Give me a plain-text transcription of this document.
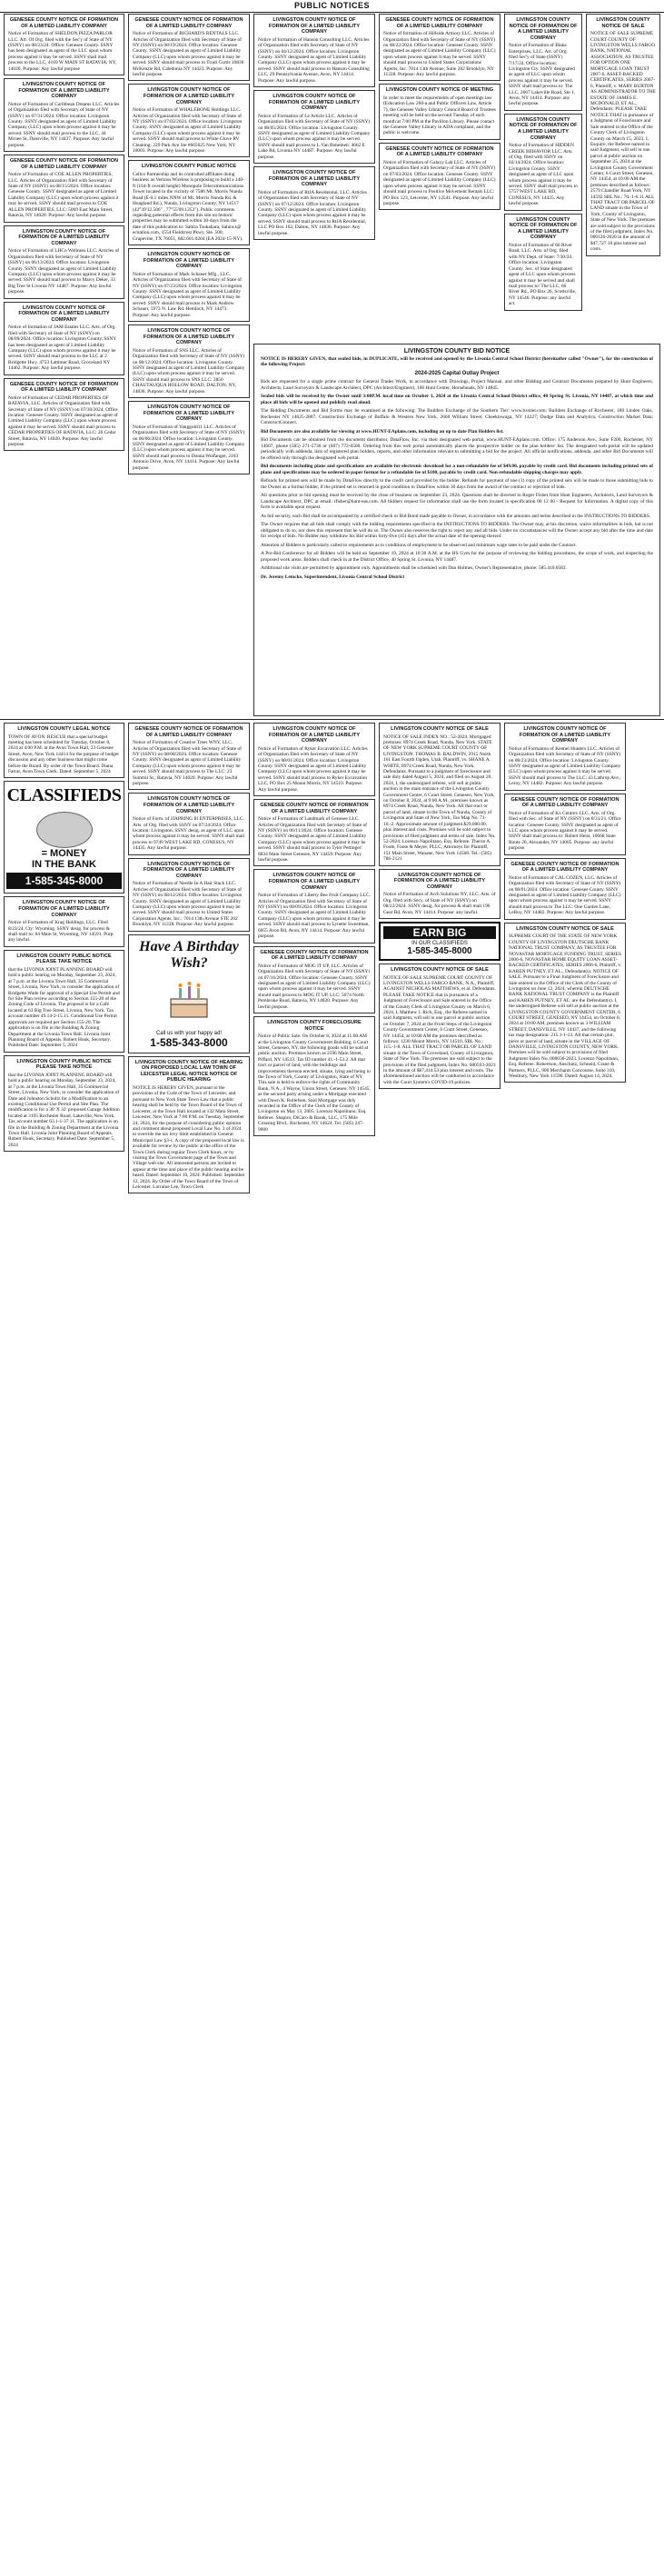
PUBLIC NOTICES
GENESEE COUNTY NOTICE OF FORMATION OF A LIMITED LIABILITY COMPANY

Notice of Formation of SHELDON PIZZA PARLOR LLC. Art. Of Org. filed with the Sec'y of State of NY (SSNY) on 08/23/24. Office: Genesee County. SSNY has been designated as agent of the LLC upon whom process against it may be served. SSNY shall mail process to the LLC, 4169 W MAIN ST BATAVIA, NY, 14020. Purpose: Any lawful purpose

LIVINGSTON COUNTY NOTICE OF FORMATION OF A LIMITED LIABILITY COMPANY

Notice of Formation of Caribbean Dreams LLC. Articles of Organization filed with Secretary of State of NY (SSNY) on 07/31/2024. Office location: Livingston County. SSNY designated as agent of Limited Liability Company (LLC) upon whom process against it may be served. SSNY should mail process to the LLC, 44 Mcnee St, Dansville, NY 14437. Purpose: Any lawful purpose.

GENESEE COUNTY NOTICE OF FORMATION OF A LIMITED LIABILITY COMPANY

Notice of Formation of COE ALLEN PROPERTIES, LLC. Articles of Organization filed with Secretary of State of NY (SSNY) on 08/15/2024. Office location: Genesee County. SSNY designated as agent of Limited Liability Company (LLC) upon whom process against it may be served. SSNY should mail process to COE ALLEN PROPERTIES, LLC: 5069 East Main Street, Batavia, NY 14020. Purpose: Any lawful purpose.

LIVINGSTON COUNTY NOTICE OF FORMATION OF A LIMITED LIABILITY COMPANY

Notice of Formation of LHCo Wellness LLC. Articles of Organization filed with Secretary of State of NY (SSNY) on 06/13/2024. Office location: Livingston County. SSNY designated as agent of Limited Liability Company (LLC) upon whom process against it may be served. SSNY should mail process to Marcy Deker, 33 Big Tree St Livonia NY 14487. Purpose: Any lawful purpose.

LIVINGSTON COUNTY NOTICE OF FORMATION OF A LIMITED LIABILITY COMPANY

Notice of formation of JAM Estates LLC. Arts. of Org. filed with Secretary of State of NY (SSNY) on 08/09/2024. Office location: Livingston County. SSNY has been designated as agent of Limited Liability Company (LLC) upon whom process against it may be served. SSNY should mail process to the LLC at 2 Bridgette Hwy. 4753 Lattimer Road, Groveland NY 14462. Purpose: Any lawful purpose.

GENESEE COUNTY NOTICE OF FORMATION OF A LIMITED LIABILITY COMPANY

Notice of Formation of CEDAR PROPERTIES OF BATAVIA, LLC. Articles of Organization filed with Secretary of State of NY (SSNY) on 07/30/2024. Office location: Genesee County. SSNY designated as agent of Limited Liability Company (LLC) upon whom process against it may be served. SSNY should mail process to CEDAR PROPERTIES OF BATAVIA, LLC: 26 Cedar Street, Batavia, NY 14020. Purpose: Any lawful purpose.

GENESEE COUNTY NOTICE OF FORMATION OF A LIMITED LIABILITY COMPANY

Notice of Formation of RICHARD'S RENTALS LLC. Articles of Organization filed with Secretary of State of NY (SSNY) on 08/19/2024. Office location: Genesee County. SSNY designated as agent of Limited Liability Company (LLC) upon whom process against it may be served. SSNY should mail process to Trudi Curtis 10836 McKenzie Rd, Caledonia NY 14423. Purpose: Any lawful purpose.

LIVINGSTON COUNTY NOTICE OF FORMATION OF A LIMITED LIABILITY COMPANY

Notice of Formation of WHALEBONE Holdings LLC. Articles of Organization filed with Secretary of State of NY (SSNY) on 07/02/2024. Office location: Livingston County. SSNY designated as agent of Limited Liability Company (LLC) upon whom process against it may be served. SSNY should mail process to White Glove RV Cleaning: 229 Park Ave Ste #665625 New York, NY 10003. Purpose: Any lawful purpose.

LIVINGSTON COUNTY PUBLIC NOTICE

Cellco Partnership and its controlled affiliates doing business as Verizon Wireless is proposing to build a 140-ft (164-ft overall height) Monopole Telecommunications Tower located in the vicinity of 7586 Mt. Morris Nunda Road (E-0.1 miles NNW of Mt. Morris Nunda Rd. & Hoagland Rd.), Nunda, Livingston County, NY 14517 (42°39'12.506" , 77°55'09.1252"). Public comments regarding potential effects from this site on historic properties may be submitted within 30-days from the date of this publication to: Sahira Tsukahara, Sahira.t@ ecnation.com, 1554 Fieldcrest Pkwy, Ste. 500, Grapevine, TX 76051, 682.601.0204 (EA 2024-15-NY).

LIVINGSTON COUNTY NOTICE OF FORMATION OF A LIMITED LIABILITY COMPANY

Notice of Formation of Mark Schauer Mfg., LLC. Articles of Organization filed with Secretary of State of NY (SSNY) on 07/23/2024. Office location: Livingston County. SSNY designated as agent of Limited Liability Company (LLC) upon whom process against it may be served. SSNY should mail process to Mark Andrew Schauer, 5973 N. Law Rd. Hemlock, NY 14473. Purpose: Any lawful purpose.

LIVINGSTON COUNTY NOTICE OF FORMATION OF A LIMITED LIABILITY COMPANY

Notice of Formation of SNS LLC. Articles of Organization filed with Secretary of State of NY (SSNY) on 08/12/2024. Office location: Livingston County. SSNY designated as agent of Limited Liability Company (LLC) upon whom process against it may be served. SSNY should mail process to SNS LLC: 2850 CHAUTAUQUA HOLLOW ROAD, DALTON, NY, 14836. Purpose: Any lawful purpose.

LIVINGSTON COUNTY NOTICE OF FORMATION OF A LIMITED LIABILITY COMPANY

Notice of Formation of Yanggold11 LLC. Articles of Organization filed with Secretary of State of NY (SSNY) on 06/06/2024. Office location: Livingston County. SSNY designated as agent of Limited Liability Company (LLC) upon whom process against it may be served. SSNY should mail process to Donna Wolfanger, 2103 Antonio Drive, Avon, NY 14414. Purpose: Any lawful purpose.

LIVINGSTON COUNTY NOTICE OF FORMATION OF A LIMITED LIABILITY COMPANY

Notice of formation of Hanson Consulting LLC. Articles of Organization filed with Secretary of State of NY (SSNY) on 04/12/2024. Office location: Livingston County. SSNY designated as agent of Limited Liability Company (LLC) upon whom process against it may be served. SSNY should mail process to Hanson Consulting LLC, 29 Pennsylvania Avenue, Avon, NY 14414. Purpose: Any lawful purpose.

LIVINGSTON COUNTY NOTICE OF FORMATION OF A LIMITED LIABILITY COMPANY

Notice of Formation of Le Article LLC. Articles of Organization filed with Secretary of State of NY (SSNY) on 08/05/2024. Office location: Livingston County. SSNY designated as agent of Limited Liability Company (LLC) upon whom process against it may be served. SSNY should mail process to L.Van Bohemen: 4662 E Lake Rd, Livonia NY 14487. Purpose: Any lawful purpose.

LIVINGSTON COUNTY NOTICE OF FORMATION OF A LIMITED LIABILITY COMPANY

Notice of Formation of RtJA Residential, LLC. Articles of Organization filed with Secretary of State of NY (SSNY) on 07/12/2024. Office location: Livingston County. SSNY designated as agent of Limited Liability Company (LLC) upon whom process against it may be served. SSNY should mail process to RtJA Residential, LLC PO Box 162, Dalton, NY 14836. Purpose: Any lawful purpose.

GENESEE COUNTY NOTICE OF FORMATION OF A LIMITED LIABILITY COMPANY

Notice of formation of Hillside Armory LLC. Articles of Organization filed with Secretary of State of NY (SSNY) on 08/22/2024. Office location: Genesee County. SSNY designated as agent of Limited Liability Company (LLC) upon whom process against it may be served. SSNY should mail process to United States Corporations Agents, Inc. 7014 13th Avenue, Suite 202 Brooklyn, NY 11228. Purpose: Any lawful purpose.

LIVINGSTON COUNTY NOTICE OF MEETING

In order to meet the requirements of open meetings law (Education Law 260-a and Public Officers Law, Article 7), the Genesee Valley Library Council Board of Trustees meeting will be held on the second Tuesday of each month at 7:00 PM at the Pavilion Library. Please contact the Genesee Valley Library in ADA compliant, and the public is welcome.

GENESEE COUNTY NOTICE OF FORMATION OF A LIMITED LIABILITY COMPANY

Notice of Formation of Galaxy Lab LLC. Articles of Organization filed with Secretary of State of NY (SSNY) on 07/03/2024. Office location: Genesee County. SSNY designated as agent of Limited Liability Company (LLC) upon whom process against it may be served. SSNY should mail process to Positive Movement Rentals LLC: PO Box 123, Leicester, NY 12541. Purpose: Any lawful purpose.

LIVINGSTON COUNTY NOTICE OF FORMATION OF A LIMITED LIABILITY COMPANY

Notice of Formation of Blake Enterprises, LLC. Art. of Org. filed Sec'y of State (SSNY) 7/17/24. Office location: Livingston Cty. SSNY designated as agent of LLC upon whom process against it may be served. SSNY shall mail process to: The LLC, 2667 Lakeville Road, Ste 1, Avon, NY 14414. Purpose: any lawful purpose.

LIVINGSTON COUNTY NOTICE OF FORMATION OF A LIMITED LIABILITY COMPANY

Notice of Formation of HIDDEN CREEK BEHAVIOR LLC. Arts. of Org. filed with SSNY on 02/14/2024. Office location: Livingston County. SSNY designated as agent of LLC upon whom process against it may be served. SSNY shall mail process to 5757 WEST LAKE RD, CONESUS, NY 14435. Any lawful purpose.

LIVINGSTON COUNTY NOTICE OF FORMATION OF A LIMITED LIABILITY COMPANY

Notice of Formation of 66 River Road, LLC. Arts. of Org. filed with NY Dept. of State: 7/30/24. Office location: Livingston County. Sec. of State designated agent of LLC upon whom process against it may be served and shall mail process to: The LLC, 66 River Rd., PO Box 26, Scottsville, NY 14546. Purpose: any lawful act.

LIVINGSTON COUNTY NOTICE OF SALE

NOTICE OF SALE SUPREME COURT COUNTY OF LIVINGSTON WELLS FARGO BANK, NATIONAL ASSOCIATION, AS TRUSTEE FOR OPTION ONE MORTGAGE LOAN TRUST 2007-6, ASSET-BACKED CERTIFICATES, SERIES 2007-6, Plaintiff, v. MARY BURTON AS ADMINISTRATOR TO THE ESTATE OF JAMES E. MCDONALD, ET AL., Defendants. PLEASE TAKE NOTICE THAT in pursuance of a Judgment of Foreclosure and Sale entered in the Office of the County Clerk of Livingston County on March 15, 2023, I, Esquire, the Referee named in said Judgment, will sell in one parcel at public auction on September 25, 2024 at the Livingston County Government Center, 6 Court Street, Geneseo, NY 14454, at 10:00 AM the premises described as follows: 2579 Chandler Road York, NY 14592 SBL No.: 70.-1-6.11 ALL THAT TRACT OR PARCEL OF LAND situate in the Town of York, County of Livingston, State of New York. The premises are sold subject to the provisions of the filed judgment, Index No. 000126-2020 in the amount of $47,727.10 plus interest and costs.

LIVINGSTON COUNTY BID NOTICE

NOTICE IS HEREBY GIVEN, that sealed bids, in DUPLICATE, will be received and opened by the Livonia Central School District (hereinafter called "Owner"), for the construction of the following Project:

2024-2025 Capital Outlay Project

Bids are requested for a single prime contract for General Trades Work, in accordance with Drawings, Project Manual, and other Bidding and Contract Documents prepared by Hunt Engineers, Architects, Land Surveyors & Landscape Architect, DPC (Architect/Engineer), 100 Hunt Center, Horseheads, NY 14845.

Sealed bids will be received by the Owner until 3:00P.M. local time on October 1, 2024 at the Livonia Central School District office, 40 Spring St. Livonia, NY 14487, at which time and place all bids will be opened and publicly read aloud.

The Bidding Documents and Bid Forms may be examined at the following: The Builders Exchange of the Southern Tier: www.bxstier.com; Builders Exchange of Rochester, 180 Linden Oaks, Rochester NY 14625-2807; Construction Exchange of Buffalo & Western New York, 2660 William Street, Cheektowaga, NY 14227; Dodge Data and Analytics; Construction Market Data; ConstructConnect.

Bid Documents are also available for viewing at www.HUNT-EAplans.com, including an up to date Plan Holders list.

Bid Documents can be obtained from the document distributor, DataFlow, Inc. via their designated web portal, www.HUNT-EAplans.com. Office: 175 Anderson Ave., Suite F200, Rochester, NY 14607, phone (585) 271-5730 or (607) 772-0500. Ordering from this web portal automatically places the prospective bidder on the plan holders' list. The designated web portal will be updated periodically with addenda, lists of registered plan holders, reports, and other information relevant to submitting a bid for the project. All official notifications, addenda, and other Bid Documents will be offered only through the designated web portal.

Bid documents including plans and specifications are available for electronic download for a non-refundable fee of $49.00, payable by credit card. Bid documents including printed sets of plans and specifications may be ordered in paper format for a refundable fee of $100, payable by credit card. Non-refundable shipping charges may apply.

Refunds for printed sets will be made by DataFlow directly to the credit card provided by the bidder. Refunds for payment of one (1) copy of the printed sets will be made to those submitting bids to the Owner as a formal bidder, if the printed set is returned in good condition to DataFlow within 30 days from the award of the contract or rejection of bids.

All questions prior to bid opening must be received by the close of business on September 23, 2024. Questions shall be directed to Roger Fisher from Hunt Engineers, Architects, Land Surveyors & Landscape Architect, DPC at email: rfisher@hunt-eas.com. All bidders request for information shall use the form located in specification 00 12 00 - Request for Information. A digital copy of this form is available upon request.

As bid security, each Bid shall be accompanied by a certified check or Bid Bond made payable to Owner, in accordance with the amounts and terms described in the INSTRUCTIONS TO BIDDERS.

The Owner requires that all bids shall comply with the bidding requirements specified in the INSTRUCTIONS TO BIDDERS. The Owner may, at his discretion, waive informalities in bids, but is not obligated to do so, nor does this represent that he will do so. The Owner also reserves the right to reject any and all bids. Under no circumstances will the Owner accept any bid after the time and date for receipt of bids. No Bidder may withdraw his Bid within forty-five (45) days after the actual date of the opening thereof.

Attention of Bidders is particularly called to requirements as to conditions of employment to be observed and minimum wage rates to be paid under the Contract.

A Pre-Bid Conference for all Bidders will be held on September 19, 2024 at 10:30 A.M. at the HS Gym for the purpose of reviewing the bidding procedures, the scope of work, and inspecting the proposed work areas. Bidders shall check in at the District Office, 40 Spring St. Livonia, NY 14487.

Additional site visits are permitted by appointment only. Appointments shall be scheduled with Dan Holmes, Owner's Representative, phone: 585.410.0582.

Dr. Jeremy Lemcke, Superintendent, Livonia Central School District

LIVINGSTON COUNTY LEGAL NOTICE

TOWN OF AVON. RESCUE that a special budget meeting has been scheduled for Tuesday, October 8, 2024 at 4:00 P.M. at the Avon Town Hall, 23 Genesee Street, Avon, New York 14414 for the purpose of budget discussion and any other business that might come before the Board. By order of the Town Board. Diana Farrar, Avon Town Clerk. Dated: September 5, 2024

CLASSIFIEDS
= MONEY
IN THE BANK
1-585-345-8000
LIVINGSTON COUNTY NOTICE OF FORMATION OF A LIMITED LIABILITY COMPANY

Notice of Formation of Krag Holdings, LLC. Filed 8/23/24. Cty: Wyoming. SSNY desig. for process & shall mail to: 84 Main St, Wyoming, NY 14591. Purp: any lawful.

LIVINGSTON COUNTY PUBLIC NOTICE PLEASE TAKE NOTICE

that the LIVONIA JOINT PLANNING BOARD will hold a public hearing on Monday, September 23, 2024, at 7 p.m. at the Livonia Town Hall, 35 Commercial Street, Livonia, New York, to consider the application of Bridgette Wade for approval of a Special Use Permit and for Site Plan review according to Section 155-20 of the Zoning Code of Livonia. The proposal is for a Café located at 63 Big Tree Street, Livonia, New York. Tax account number 49.14-2-15.11. Conditional Use Permit approvals are required per Section 155-20. The application is on file in the Building & Zoning Department at the Livonia Town Hall. Livonia Joint Planning Board of Appeals. Robert Houk, Secretary. Published Date: September 5, 2024

LIVINGSTON COUNTY PUBLIC NOTICE PLEASE TAKE NOTICE

that the LIVONIA JOINT PLANNING BOARD will hold a public hearing on Monday, September 23, 2024, at 7 p.m. at the Livonia Town Hall, 35 Commercial Street, Livonia, New York, to consider the application of Dale and Johnston Schultz for a Modification to an existing Conditional Use Permit and Site Plan. The modification is for a 30' X 32' proposed Garage Addition located at 3195 Rochester Road, Lakeville, New York. Tax account number 63.1-1-37.11. The application is on file in the Building & Zoning Department at the Livonia Town Hall. Livonia Joint Planning Board of Appeals. Robert Houk, Secretary. Published Date: September 5, 2024

GENESEE COUNTY NOTICE OF FORMATION OF A LIMITED LIABILITY COMPANY

Notice of Formation of Creative Trees WNY, LLC. Articles of Organization filed with Secretary of State of NY (SSNY) on 08/08/2024. Office location: Genesee County. SSNY designated as agent of Limited Liability Company (LLC) upon whom process against it may be served. SSNY should mail process to The LLC: 23 Summit St., Batavia, NY 14020. Purpose: Any lawful purpose.

LIVINGSTON COUNTY NOTICE OF FORMATION OF A LIMITED LIABILITY COMPANY

Notice of Form. of JJAPRING Ill ENTERPRISES, LLC. Arts. of Org. filed with SSNY on 07/24/2024. Office location: Livingston. SSNY desig. as agent of LLC upon whom process against it may be served. SSNY shall mail process to 9749 WEST LAKE RD, CONESUS, NY 14435. Any lawful purpose.

LIVINGSTON COUNTY NOTICE OF FORMATION OF A LIMITED LIABILITY COMPANY

Notice of Formation of Needle In A Hair Stack LLC. Articles of Organization filed with Secretary of State of NY (SSNY) on 08/12/2024. Office location: Livingston County. SSNY designated as agent of Limited Liability Company (LLC) upon whom process against it may be served. SSNY should mail process to United States Corporation Agents, Inc.: 7014 13th Avenue STE 202 Brooklyn, NY 11228. Purpose: Any lawful purpose.

Have A Birthday Wish?
Call us with your happy ad!
1-585-343-8000
LIVINGSTON COUNTY NOTICE OF HEARING ON PROPOSED LOCAL LAW TOWN OF LEICESTER LEGAL NOTICE NOTICE OF PUBLIC HEARING

NOTICE IS HEREBY GIVEN, pursuant to the provisions of the Code of the Town of Leicester, and pursuant to New York State Town Law that a public hearing shall be held by the Town Board of the Town of Leicester, at the Town Hall located at 132 Main Street, Leicester, New York at 7:00 P.M. on Tuesday, September 24, 2024, for the purpose of considering public opinion and comment about proposed Local Law No. 3 of 2024 to override the tax levy limit established in General Municipal Law §3-c. A copy of the proposed local law is available for review by the public at the office of the Town Clerk during regular Town Clerk hours, or by visiting the Town Government page of the Town and Village web site. All interested persons are invited to appear at the time and place of the public hearing and be heard. Dated: September 10, 2024. Published: September 12, 2024. By Order of the Town Board of the Town of Leicester. Lorraine Lee, Town Clerk

LIVINGSTON COUNTY NOTICE OF FORMATION OF A LIMITED LIABILITY COMPANY

Notice of Formation of Ryker Excavation LLC. Articles of Organization filed with Secretary of State of NY (SSNY) on 08/01/2024. Office location: Livingston County. SSNY designated as agent of Limited Liability Company (LLC) upon whom process against it may be served. SSNY should mail process to Ryker Excavation LLC, PO Box 25 Mount Morris, NY 14510. Purpose: Any lawful purpose.

GENESEE COUNTY NOTICE OF FORMATION OF A LIMITED LIABILITY COMPANY

Notice of Formation of Landmark of Genesee LLC. Articles of Organization filed with Secretary of State of NY (SSNY) on 06/11/2024. Office location: Genesee County. SSNY designated as agent of Limited Liability Company (LLC) upon whom process against it may be served. SSNY should mail process to Tyler Pettinger: 8834 Main Street Genesee, NY 14459. Purpose: Any lawful purpose.

LIVINGSTON COUNTY NOTICE OF FORMATION OF A LIMITED LIABILITY COMPANY

Notice of Formation of Liberty Bee Fruit Company LLC. Articles of Organization filed with Secretary of State of NY (SSNY) on 08/09/2024. Office location: Livingston County. SSNY designated as agent of Limited Liability Company (LLC) upon whom process against it may be served. SSNY should mail process to Lynette Sweetman, 6055 Avon Rd, Avon, NY 14414. Purpose: Any lawful purpose.

GENESEE COUNTY NOTICE OF FORMATION OF A LIMITED LIABILITY COMPANY

Notice of Formation of MOG IT UP, LLC. Articles of Organization filed with Secretary of State of NY (SSNY) on 07/16/2024. Office location: Genesee County. SSNY designated as agent of Limited Liability Company (LLC) upon whom process against it may be served. SSNY should mail process to MOG IT UP, LLC: 5074 North Pembroke Road, Batavia, NY 14020. Purpose: Any lawful purpose.

LIVINGSTON COUNTY FORECLOSURE NOTICE

Notice of Public Sale. On October 8, 2024 at 11:00 AM at the Livingston County Government Building, 6 Court Street, Geneseo, NY, the following goods will be sold at public auction. Premises known as 2596 Main Street, Piffard, NY 14533. Tax ID number 41.-1-53.2. All that tract or parcel of land, with the buildings and improvements thereon erected, situate, lying and being in the Town of York, County of Livingston, State of NY. This sale is held to enforce the rights of Community Bank, N.A., 4 Wayne, Union Street, Geneseo, NY 14545, as the secured party arising under a Mortgage executed with Dawn K. Rollefsen. Said Mortgage was duly recorded in the Office of the Clerk of the County of Livingston on May 13, 2005. Lorenzo Napolitano, Esq. Referee. Shapiro, DiCaro & Barak, LLC, 175 Mile Crossing Blvd., Rochester, NY 14624. Tel. (585) 247-9000

LIVINGSTON COUNTY NOTICE OF SALE

NOTICE OF SALE INDEX NO.: 52-2024. Mortgaged premises: 8974 Creek Road, Nunda, New York. STATE OF NEW YORK SUPREME COURT COUNTY OF LIVINGSTON. THOMAS B. BALDWIN, 2915 North 161 East Fourth Ogden, Utah, Plaintiff, vs. SHANE A. WHITE, 8974 Creek Road, Nunda, New York, Defendants. Pursuant to a judgment of foreclosure and sale duly dated August 5, 2024, and filed on August 20, 2024, I, the undersigned referee, will sell at public auction in the main entrance of the Livingston County Government Center, 6 Court Street, Geneseo, New York, on October 8, 2024, at 9:00 A.M., premises known as 8974 Creek Road, Nunda, New York. All that tract or parcel of land, situate in the Town of Nunda, County of Livingston and State of New York, Tax Map No. 71-10.-2. Approximate amount of judgment $29,000.00, plus interest and costs. Premises will be sold subject to provisions of filed judgment and terms of sale. Index No. 52-2024. Lorenzo Napolitano, Esq. Referee. Theron A. Foote, Foote & Meyer, PLLC, Attorneys for Plaintiff, 151 Main Street, Wanane, New York 14568. Tel.: (585) 786-2121

LIVINGSTON COUNTY NOTICE OF FORMATION OF A LIMITED LIABILITY COMPANY

Notice of Formation of Arch Solutions NY, LLC. Arts. of Org. filed with Secy. of State of NY (SSNY) on 08/22/2024. SSNY desig. for process & shall mail 196 Gear Rd, Avon, NY 14414. Purpose: any lawful.

EARN BIG
IN OUR CLASSIFIEDS
1-585-345-8000
LIVINGSTON COUNTY NOTICE OF SALE

NOTICE OF SALE SUPREME COURT COUNTY OF LIVINGSTON WELLS FARGO BANK, N.A., Plaintiff, AGAINST NICHOLAS MATTHEWS, et al. Defendants. PLEASE TAKE NOTICE that in pursuance of a Judgment of Foreclosure and Sale entered in the Office of the County Clerk of Livingston County on March 6, 2024, I, Matthew J. Rich, Esq., the Referee named in said Judgment, will sell in one parcel at public auction on October 7, 2024 at the Front Steps of the Livingston County Government Center, 6 Court Street, Geneseo, NY 14454, at 10:00 AM the premises described as follows: 1230 Mount Morris, NY 14510. SBL No.: 115.-1-8. ALL THAT TRACT OR PARCEL OF LAND situate in the Town of Groveland, County of Livingston, State of New York. The premises are sold subject to the provisions of the filed judgment, Index No. 000593-2023 in the amount of $87,414.53 plus interest and costs. The aforementioned auction will be conducted in accordance with the Court System's COVID-19 policies.

LIVINGSTON COUNTY NOTICE OF FORMATION OF A LIMITED LIABILITY COMPANY

Notice of Formation of Kennel Hunters LLC. Articles of Organization filed with Secretary of State of NY (SSNY) on 08/23/2024. Office location: Livingston County. SSNY designated as agent of Limited Liability Company (LLC) upon whom process against it may be served. SSNY should mail process to The LLC: 43 Lathrop Ave., Leroy, NY 14482. Purpose: Any lawful purpose.

GENESEE COUNTY NOTICE OF FORMATION OF A LIMITED LIABILITY COMPANY

Notice of Formation of Kx Centrex LLC. Arts. of Org. filed with Sec. of State of NY (SSNY) on 8/31/21. Office location: Genesee County. SSNY designated as agent of LLC upon whom process against it may be served. SSNY shall mail process to: Robert Heist, 10668 State Route 20, Alexander, NY 14005. Purpose: any lawful purpose.

GENESEE COUNTY NOTICE OF FORMATION OF A LIMITED LIABILITY COMPANY

Notice of Formation of CAL COZEN, LLC. Articles of Organization filed with Secretary of State of NY (SSNY) on 08/01/2024. Office location: Genesee County. SSNY designated as agent of Limited Liability Company (LLC) upon whom process against it may be served. SSNY should mail process to The LLC: One Garden Lane, LeRoy, NY 14482. Purpose: Any lawful purpose.

LIVINGSTON COUNTY NOTICE OF SALE

SUPREME COURT OF THE STATE OF NEW YORK COUNTY OF LIVINGSTON DEUTSCHE BANK NATIONAL TRUST COMPANY, AS TRUSTEE FOR NOVASTAR MORTGAGE FUNDING TRUST, SERIES 2006-6, NOVASTAR HOME EQUITY LOAN ASSET-BACKED CERTIFICATES, SERIES 2006-6, Plaintiff, v. KAREN PUTNEY, ET AL., Defendant(s). NOTICE OF SALE. Pursuant to a Final Judgment of Foreclosure and Sale entered in the Office of the Clerk of the County of Livingston on June 12, 2024, wherein DEUTSCHE BANK NATIONAL TRUST COMPANY is the Plaintiff and KAREN PUTNEY, ET AL. are the Defendant(s). I, the undersigned Referee will sell at public auction at the LIVINGSTON COUNTY GOVERNMENT CENTER, 6 COURT STREET, GENESEO, NY 14454, on October 8, 2024 at 10:00 AM, premises known as 3 WILLIAM STREET, DANSVILLE, NY 14437, and the following tax map designation: 215.1-1-13. All that certain plot, piece or parcel of land, situate in the VILLAGE OF DANSVILLE, LIVINGSTON COUNTY, NEW YORK. Premises will be sold subject to provisions of filed Judgment Index No. 000030-2023. Lorenzo Napolitano, Esq. Referee. Robertson, Anschutz, Schneid, Crane & Partners, PLLC, 900 Merchants Concourse, Suite 310, Westbury, New York 11590. Dated: August 14, 2024.
